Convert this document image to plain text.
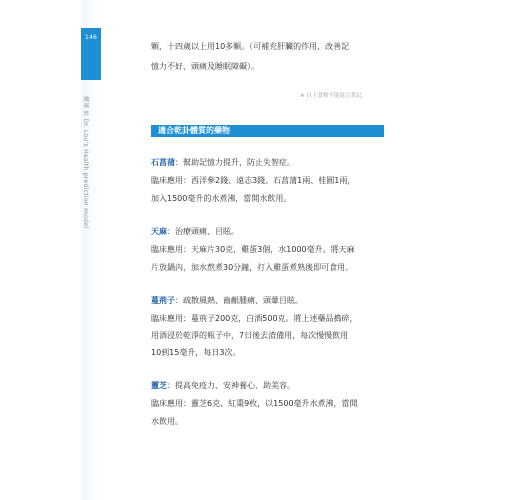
146
健康 ⅡⅠ Dr. Lou's Health prediction model
顆，十四歲以上用10多顆。（可補充肝臟的作用，改善記
憶力不好、頭痛及睡眠障礙）。
※ 以上食物不能混合著記。
適合乾卦體質的藥物
石菖蒲：幫助記憶力提升，防止失智症。
臨床應用：西洋參2錢、遠志3錢、石菖蒲1兩、桂圓1兩，
加入1500毫升的水煮沸，當開水飲用。
天麻：治療頭痛、目眩。
臨床應用：天麻片30克，雞蛋3個，水1000毫升。將天麻
片放鍋內，加水熬煮30分鐘，打入雞蛋煮熟後即可食用。
蔓荊子：疏散風熱、齒齦腫痛、頭暈目眩。
臨床應用：蔓荊子200克，白酒500克。將上述藥品搗碎，
用酒浸於乾淨的瓶子中，7日後去渣備用，每次慢慢飲用
10到15毫升，每日3次。
靈芝：提高免疫力、安神養心、助美容。
臨床應用：靈芝6克、紅棗9枚，以1500毫升水煮沸，當開
水飲用。
